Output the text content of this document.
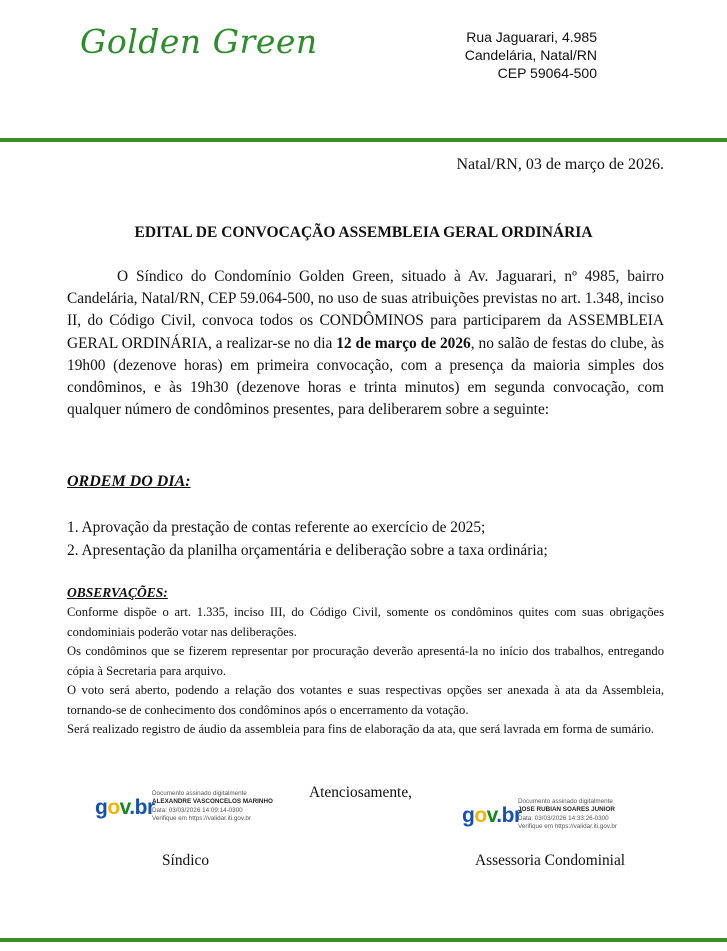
Golden Green	Rua Jaguarari, 4.985
Candelária, Natal/RN
CEP 59064-500
Natal/RN, 03 de março de 2026.
EDITAL DE CONVOCAÇÃO ASSEMBLEIA GERAL ORDINÁRIA
O Síndico do Condomínio Golden Green, situado à Av. Jaguarari, nº 4985, bairro Candelária, Natal/RN, CEP 59.064-500, no uso de suas atribuições previstas no art. 1.348, inciso II, do Código Civil, convoca todos os CONDÔMINOS para participarem da ASSEMBLEIA GERAL ORDINÁRIA, a realizar-se no dia 12 de março de 2026, no salão de festas do clube, às 19h00 (dezenove horas) em primeira convocação, com a presença da maioria simples dos condôminos, e às 19h30 (dezenove horas e trinta minutos) em segunda convocação, com qualquer número de condôminos presentes, para deliberarem sobre a seguinte:
ORDEM DO DIA:
1. Aprovação da prestação de contas referente ao exercício de 2025;
2. Apresentação da planilha orçamentária e deliberação sobre a taxa ordinária;
OBSERVAÇÕES:

Conforme dispõe o art. 1.335, inciso III, do Código Civil, somente os condôminos quites com suas obrigações condominiais poderão votar nas deliberações.

Os condôminos que se fizerem representar por procuração deverão apresentá-la no início dos trabalhos, entregando cópia à Secretaria para arquivo.

O voto será aberto, podendo a relação dos votantes e suas respectivas opções ser anexada à ata da Assembleia, tornando-se de conhecimento dos condôminos após o encerramento da votação.

Será realizado registro de áudio da assembleia para fins de elaboração da ata, que será lavrada em forma de sumário.

Atenciosamente,
gov.br
Documento assinado digitalmente
ALEXANDRE VASCONCELOS MARINHO
Data: 03/03/2026 14:09:14-0300
Verifique em https://validar.iti.gov.br
Síndico
gov.br
Documento assinado digitalmente
JOSE RUBIAN SOARES JUNIOR
Data: 03/03/2026 14:33:26-0300
Verifique em https://validar.iti.gov.br
Assessoria Condominial
